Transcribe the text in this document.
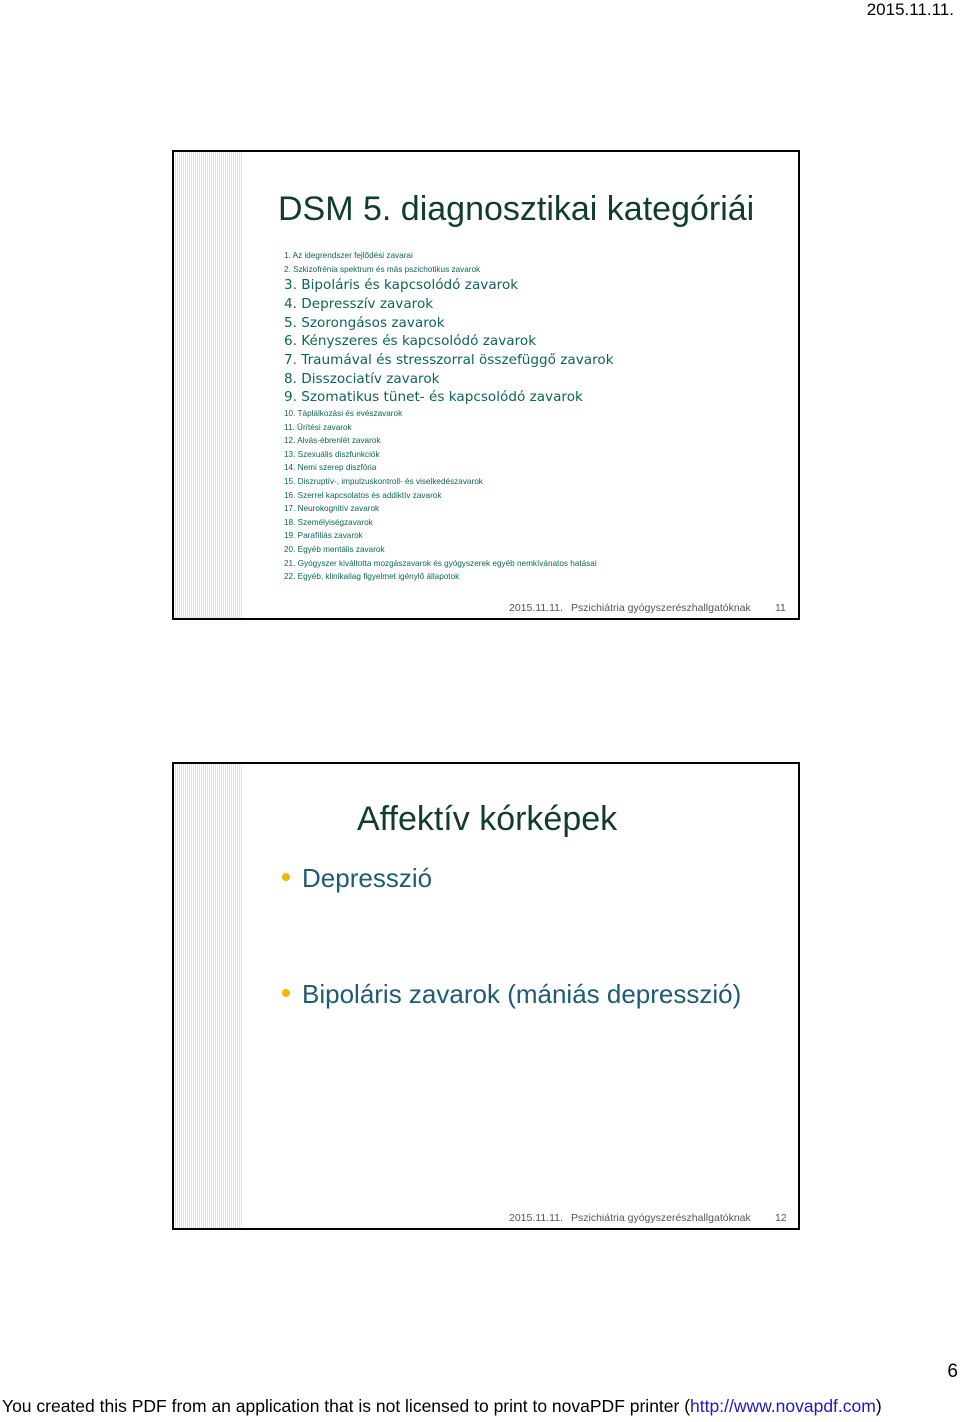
2015.11.11.
DSM 5. diagnosztikai kategóriái
1. Az idegrendszer fejlődési zavarai
2. Szkizofrénia spektrum és más pszichotikus zavarok
3. Bipoláris és kapcsolódó zavarok
4. Depresszív zavarok
5. Szorongásos zavarok
6. Kényszeres és kapcsolódó zavarok
7. Traumával és stresszorral összefüggő zavarok
8. Disszociatív zavarok
9. Szomatikus tünet- és kapcsolódó zavarok
10. Táplálkozási és evészavarok
11. Ürítési zavarok
12. Alvás-ébrenlét zavarok
13. Szexuális diszfunkciók
14. Nemi szerep diszfória
15. Diszruptív-, impulzuskontroll- és viselkedészavarok
16. Szerrel kapcsolatos és addiktív zavarok
17. Neurokognitív zavarok
18. Személyiségzavarok
19. Parafíliás zavarok
20. Egyéb mentális zavarok
21. Gyógyszer kiváltotta mozgászavarok és gyógyszerek egyéb nemkívánatos hatásai
22. Egyéb, klinikailag figyelmet igénylő állapotok
2015.11.11. Pszichiátria gyógyszerészhallgatóknak 11
Affektív kórképek
Depresszió
Bipoláris zavarok (mániás depresszió)
2015.11.11. Pszichiátria gyógyszerészhallgatóknak 12
6
You created this PDF from an application that is not licensed to print to novaPDF printer (http://www.novapdf.com)
